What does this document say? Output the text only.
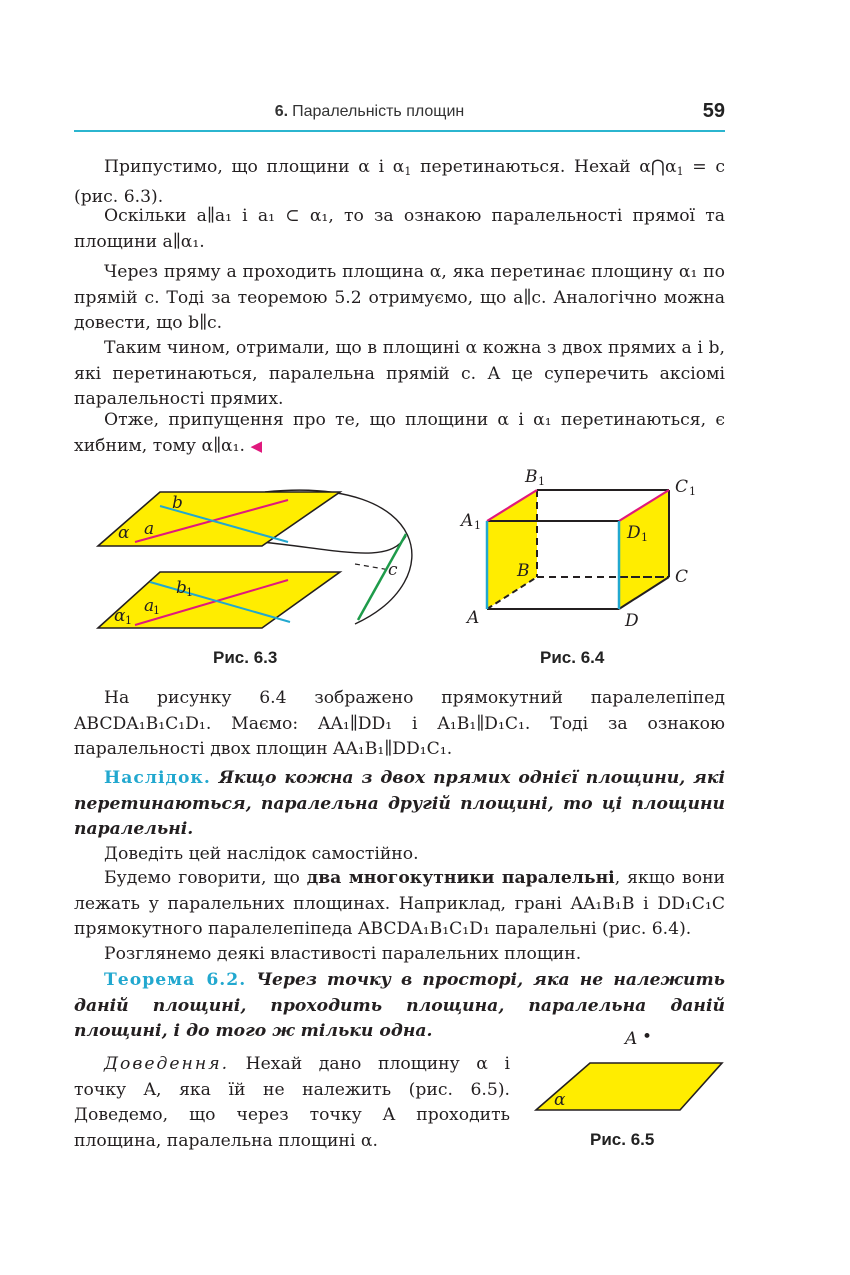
6. Паралельність площин	59
Припустимо, що площини α і $\alpha_1$ перетинаються. Нехай $\alpha⋂\alpha_1 = c$ (рис. 6.3).
Оскільки a∥a₁ і a₁ ⊂ α₁, то за ознакою паралельності прямої та площини a∥α₁.
Через пряму a проходить площина α, яка перетинає площину α₁ по прямій c. Тоді за теоремою 5.2 отримуємо, що a∥c. Аналогічно можна довести, що b∥c.
Таким чином, отримали, що в площині α кожна з двох прямих a і b, які перетинаються, паралельна прямій c. А це суперечить аксіомі паралельності прямих.
Отже, припущення про те, що площини α і α₁ перетинаються, є хибним, тому α∥α₁. ◀
α a
b
α 1
a
1
b 1
c
Рис. 6.3
A 1
B 1	C 1
D 1
B	C
A	D
Рис. 6.4
На рисунку 6.4 зображено прямокутний паралелепіпед ABCDA₁B₁C₁D₁. Маємо: AA₁∥DD₁ і A₁B₁∥D₁C₁. Тоді за ознакою паралельності двох площин AA₁B₁∥DD₁C₁.
Наслідок. Якщо кожна з двох прямих однієї площини, які перетинаються, паралельна другій площині, то ці площини паралельні.
Доведіть цей наслідок самостійно.
Будемо говорити, що два многокутники паралельні, якщо вони лежать у паралельних площинах. Наприклад, грані AA₁B₁B і DD₁C₁C прямокутного паралелепіпеда ABCDA₁B₁C₁D₁ паралельні (рис. 6.4).
Розглянемо деякі властивості паралельних площин.
Теорема 6.2. Через точку в просторі, яка не належить даній площині, проходить площина, паралельна даній площині, і до того ж тільки одна.
Доведення. Нехай дано площину α і точку A, яка їй не належить (рис. 6.5). Доведемо, що через точку A проходить площина, паралельна площині α.
A •
α
Рис. 6.5
